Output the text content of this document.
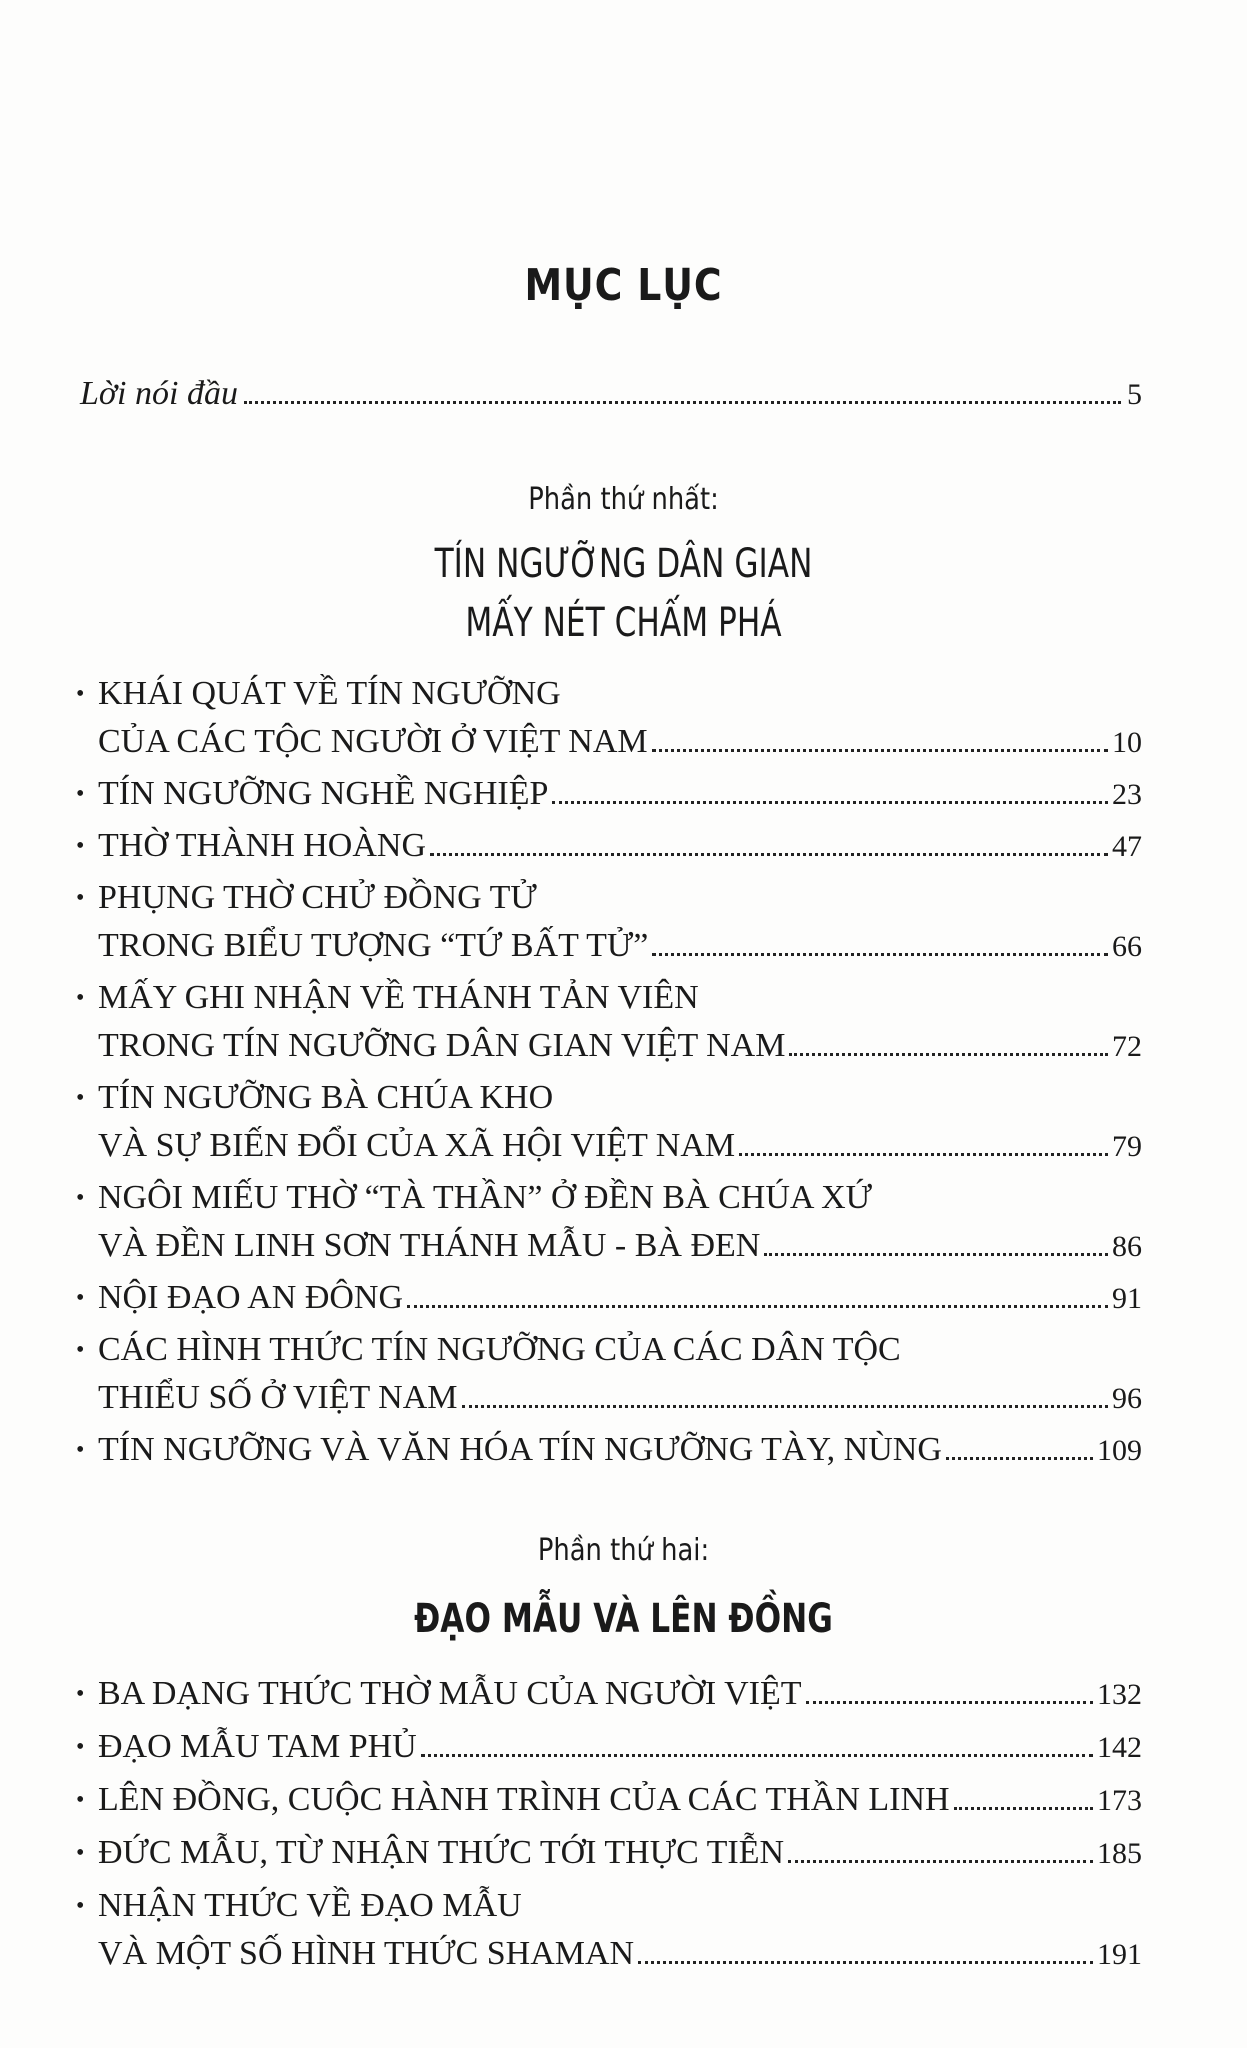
MỤC LỤC
Lời nói đầu	5
Phần thứ nhất:
TÍN NGƯỠNG DÂN GIAN
MẤY NÉT CHẤM PHÁ
• KHÁI QUÁT VỀ TÍN NGƯỠNG
CỦA CÁC TỘC NGƯỜI Ở VIỆT NAM	10
• TÍN NGƯỠNG NGHỀ NGHIỆP	23
• THỜ THÀNH HOÀNG	47
• PHỤNG THỜ CHỬ ĐỒNG TỬ
TRONG BIỂU TƯỢNG “TỨ BẤT TỬ”	66
• MẤY GHI NHẬN VỀ THÁNH TẢN VIÊN
TRONG TÍN NGƯỠNG DÂN GIAN VIỆT NAM	72
• TÍN NGƯỠNG BÀ CHÚA KHO
VÀ SỰ BIẾN ĐỔI CỦA XÃ HỘI VIỆT NAM	79
• NGÔI MIẾU THỜ “TÀ THẦN” Ở ĐỀN BÀ CHÚA XỨ
VÀ ĐỀN LINH SƠN THÁNH MẪU - BÀ ĐEN	86
• NỘI ĐẠO AN ĐÔNG	91
• CÁC HÌNH THỨC TÍN NGƯỠNG CỦA CÁC DÂN TỘC
THIỂU SỐ Ở VIỆT NAM	96
• TÍN NGƯỠNG VÀ VĂN HÓA TÍN NGƯỠNG TÀY, NÙNG	109
Phần thứ hai:
ĐẠO MẪU VÀ LÊN ĐỒNG
• BA DẠNG THỨC THỜ MẪU CỦA NGƯỜI VIỆT	132
• ĐẠO MẪU TAM PHỦ	142
• LÊN ĐỒNG, CUỘC HÀNH TRÌNH CỦA CÁC THẦN LINH	173
• ĐỨC MẪU, TỪ NHẬN THỨC TỚI THỰC TIỄN	185
• NHẬN THỨC VỀ ĐẠO MẪU
VÀ MỘT SỐ HÌNH THỨC SHAMAN	191
